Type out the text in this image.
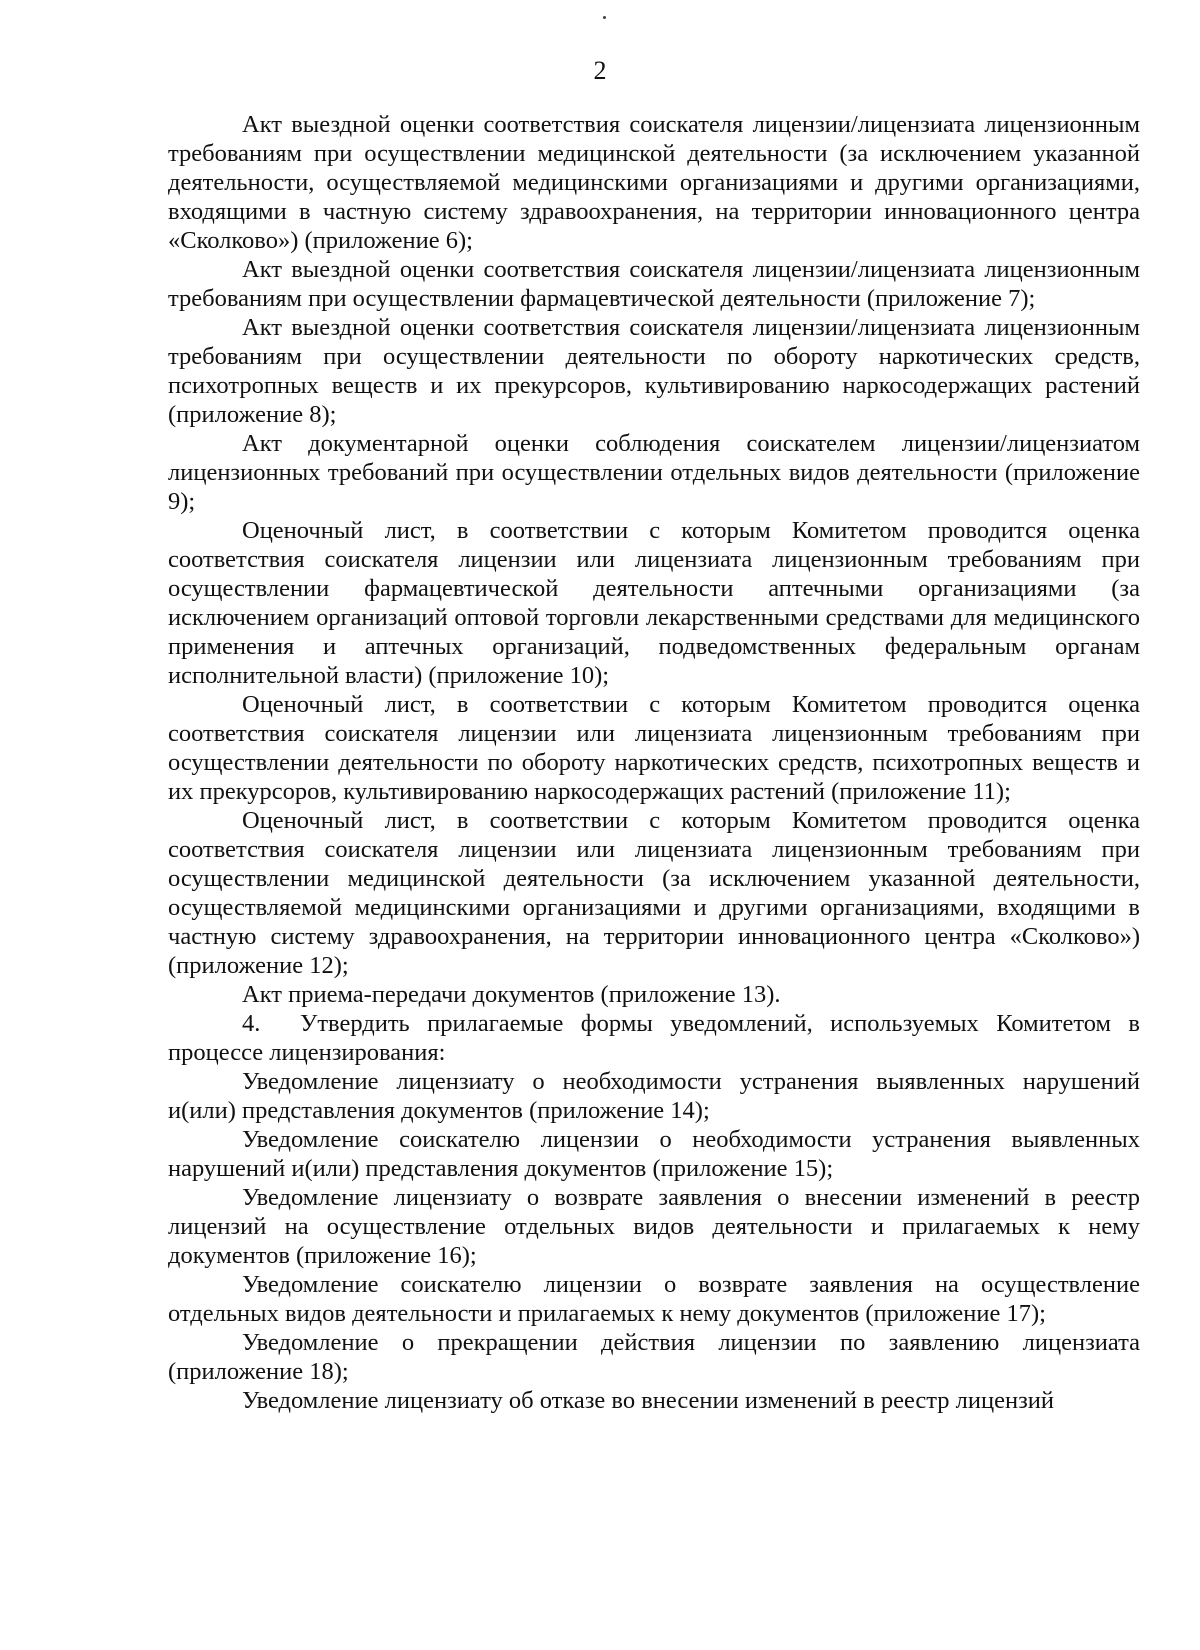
2

Акт выездной оценки соответствия соискателя лицензии/лицензиата лицензионным требованиям при осуществлении медицинской деятельности (за исключением указанной деятельности, осуществляемой медицинскими организациями и другими организациями, входящими в частную систему здравоохранения, на территории инновационного центра «Сколково») (приложение 6);

Акт выездной оценки соответствия соискателя лицензии/лицензиата лицензионным требованиям при осуществлении фармацевтической деятельности (приложение 7);

Акт выездной оценки соответствия соискателя лицензии/лицензиата лицензионным требованиям при осуществлении деятельности по обороту наркотических средств, психотропных веществ и их прекурсоров, культивированию наркосодержащих растений (приложение 8);

Акт документарной оценки соблюдения соискателем лицензии/лицензиатом лицензионных требований при осуществлении отдельных видов деятельности (приложение 9);

Оценочный лист, в соответствии с которым Комитетом проводится оценка соответствия соискателя лицензии или лицензиата лицензионным требованиям при осуществлении фармацевтической деятельности аптечными организациями (за исключением организаций оптовой торговли лекарственными средствами для медицинского применения и аптечных организаций, подведомственных федеральным органам исполнительной власти) (приложение 10);

Оценочный лист, в соответствии с которым Комитетом проводится оценка соответствия соискателя лицензии или лицензиата лицензионным требованиям при осуществлении деятельности по обороту наркотических средств, психотропных веществ и их прекурсоров, культивированию наркосодержащих растений (приложение 11);

Оценочный лист, в соответствии с которым Комитетом проводится оценка соответствия соискателя лицензии или лицензиата лицензионным требованиям при осуществлении медицинской деятельности (за исключением указанной деятельности, осуществляемой медицинскими организациями и другими организациями, входящими в частную систему здравоохранения, на территории инновационного центра «Сколково») (приложение 12);

Акт приема-передачи документов (приложение 13).

4. Утвердить прилагаемые формы уведомлений, используемых Комитетом в процессе лицензирования:

Уведомление лицензиату о необходимости устранения выявленных нарушений и(или) представления документов (приложение 14);

Уведомление соискателю лицензии о необходимости устранения выявленных нарушений и(или) представления документов (приложение 15);

Уведомление лицензиату о возврате заявления о внесении изменений в реестр лицензий на осуществление отдельных видов деятельности и прилагаемых к нему документов (приложение 16);

Уведомление соискателю лицензии о возврате заявления на осуществление отдельных видов деятельности и прилагаемых к нему документов (приложение 17);

Уведомление о прекращении действия лицензии по заявлению лицензиата (приложение 18);

Уведомление лицензиату об отказе во внесении изменений в реестр лицензий
